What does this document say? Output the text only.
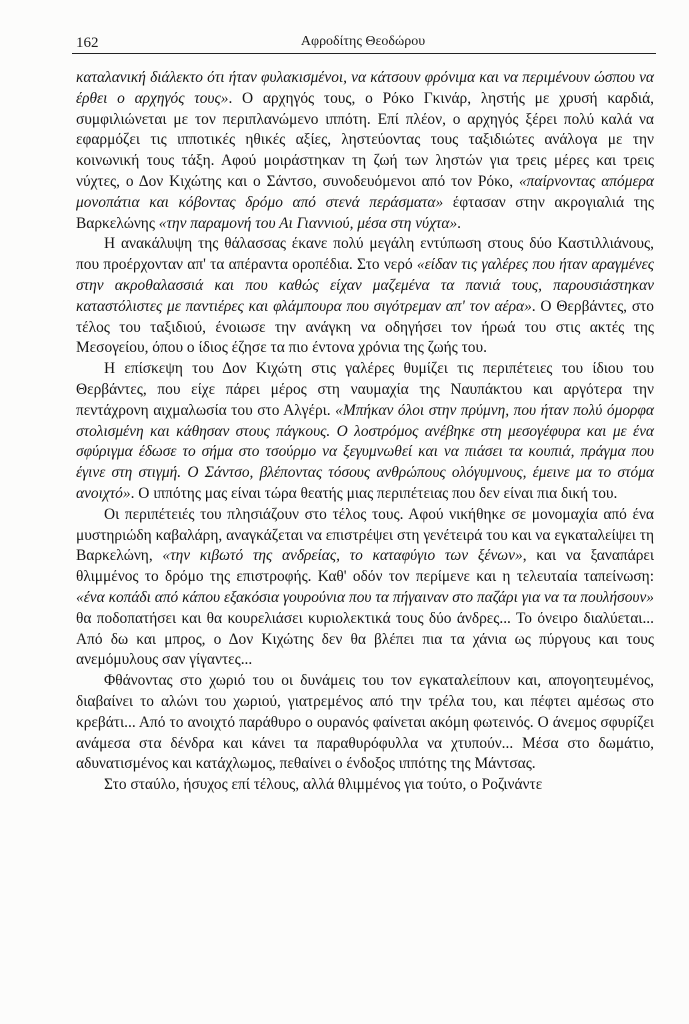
162	Αφροδίτης Θεοδώρου

καταλανική διάλεκτο ότι ήταν φυλακισμένοι, να κάτσουν φρόνιμα και να περιμένουν ώσπου να έρθει ο αρχηγός τους». Ο αρχηγός τους, ο Ρόκο Γκινάρ, ληστής με χρυσή καρδιά, συμφιλιώνεται με τον περιπλανώμενο ιππότη. Επί πλέον, ο αρχηγός ξέρει πολύ καλά να εφαρμόζει τις ιπποτικές ηθικές αξίες, ληστεύοντας τους ταξιδιώτες ανάλογα με την κοινωνική τους τάξη. Αφού μοιράστηκαν τη ζωή των ληστών για τρεις μέρες και τρεις νύχτες, ο Δον Κιχώτης και ο Σάντσο, συνοδευόμενοι από τον Ρόκο, «παίρνοντας απόμερα μονοπάτια και κόβοντας δρόμο από στενά περάσματα» έφτασαν στην ακρογιαλιά της Βαρκελώνης «την παραμονή του Αι Γιαννιού, μέσα στη νύχτα».

Η ανακάλυψη της θάλασσας έκανε πολύ μεγάλη εντύπωση στους δύο Καστιλλιάνους, που προέρχονταν απ' τα απέραντα οροπέδια. Στο νερό «είδαν τις γαλέρες που ήταν αραγμένες στην ακροθαλασσιά και που καθώς είχαν μαζεμένα τα πανιά τους, παρουσιάστηκαν καταστόλιστες με παντιέρες και φλάμπουρα που σιγότρεμαν απ' τον αέρα». Ο Θερβάντες, στο τέλος του ταξιδιού, ένοιωσε την ανάγκη να οδηγήσει τον ήρωά του στις ακτές της Μεσογείου, όπου ο ίδιος έζησε τα πιο έντονα χρόνια της ζωής του.

Η επίσκεψη του Δον Κιχώτη στις γαλέρες θυμίζει τις περιπέτειες του ίδιου του Θερβάντες, που είχε πάρει μέρος στη ναυμαχία της Ναυπάκτου και αργότερα την πεντάχρονη αιχμαλωσία του στο Αλγέρι. «Μπήκαν όλοι στην πρύμνη, που ήταν πολύ όμορφα στολισμένη και κάθησαν στους πάγκους. Ο λοστρόμος ανέβηκε στη μεσογέφυρα και με ένα σφύριγμα έδωσε το σήμα στο τσούρμο να ξεγυμνωθεί και να πιάσει τα κουπιά, πράγμα που έγινε στη στιγμή. Ο Σάντσο, βλέποντας τόσους ανθρώπους ολόγυμνους, έμεινε μα το στόμα ανοιχτό». Ο ιππότης μας είναι τώρα θεατής μιας περιπέτειας που δεν είναι πια δική του.

Οι περιπέτειές του πλησιάζουν στο τέλος τους. Αφού νικήθηκε σε μονομαχία από ένα μυστηριώδη καβαλάρη, αναγκάζεται να επιστρέψει στη γενέτειρά του και να εγκαταλείψει τη Βαρκελώνη, «την κιβωτό της ανδρείας, το καταφύγιο των ξένων», και να ξαναπάρει θλιμμένος το δρόμο της επιστροφής. Καθ' οδόν τον περίμενε και η τελευταία ταπείνωση: «ένα κοπάδι από κάπου εξακόσια γουρούνια που τα πήγαιναν στο παζάρι για να τα πουλήσουν» θα ποδοπατήσει και θα κουρελιάσει κυριολεκτικά τους δύο άνδρες... Το όνειρο διαλύεται... Από δω και μπρος, ο Δον Κιχώτης δεν θα βλέπει πια τα χάνια ως πύργους και τους ανεμόμυλους σαν γίγαντες...

Φθάνοντας στο χωριό του οι δυνάμεις του τον εγκαταλείπουν και, απογοητευμένος, διαβαίνει το αλώνι του χωριού, γιατρεμένος από την τρέλα του, και πέφτει αμέσως στο κρεβάτι... Από το ανοιχτό παράθυρο ο ουρανός φαίνεται ακόμη φωτεινός. Ο άνεμος σφυρίζει ανάμεσα στα δένδρα και κάνει τα παραθυρόφυλλα να χτυπούν... Μέσα στο δωμάτιο, αδυνατισμένος και κατάχλωμος, πεθαίνει ο ένδοξος ιππότης της Μάντσας.

Στο σταύλο, ήσυχος επί τέλους, αλλά θλιμμένος για τούτο, ο Ροζινάντε
